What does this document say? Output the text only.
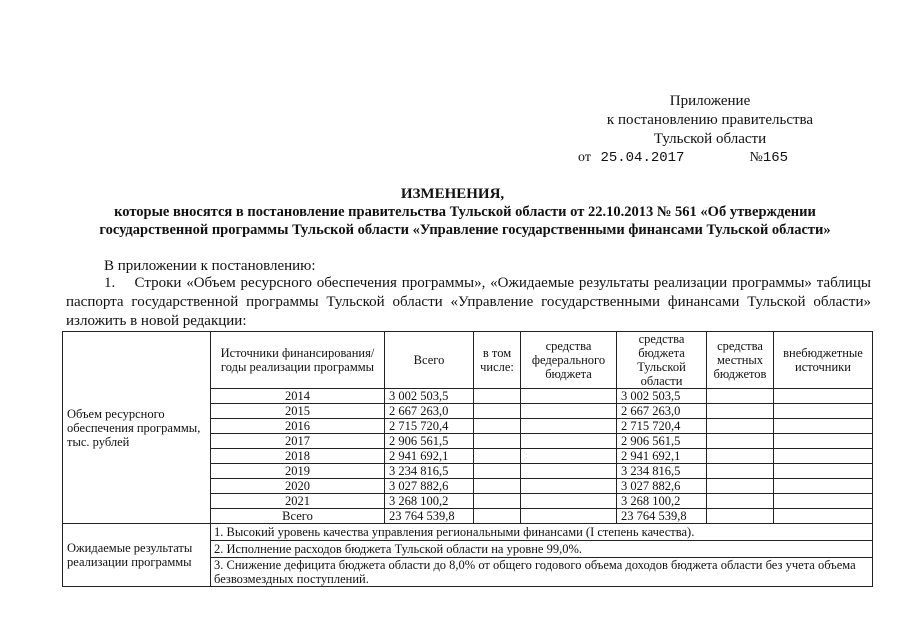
Приложение
к постановлению правительства
Тульской области
от 25.04.2017	№165
ИЗМЕНЕНИЯ,
которые вносятся в постановление правительства Тульской области от 22.10.2013 № 561 «Об утверждении государственной программы Тульской области «Управление государственными финансами Тульской области»
В приложении к постановлению:
1. Строки «Объем ресурсного обеспечения программы», «Ожидаемые результаты реализации программы» таблицы паспорта государственной программы Тульской области «Управление государственными финансами Тульской области» изложить в новой редакции:
Объем ресурсного обеспечения программы, тыс. рублей	Источники финансирования/ годы реализации программы	Всего	в том числе:	средства федерального бюджета	средства бюджета Тульской области	средства местных бюджетов	внебюджетные источники
	2014	3 002 503,5			3 002 503,5		
	2015	2 667 263,0			2 667 263,0		
	2016	2 715 720,4			2 715 720,4		
	2017	2 906 561,5			2 906 561,5		
	2018	2 941 692,1			2 941 692,1		
	2019	3 234 816,5			3 234 816,5		
	2020	3 027 882,6			3 027 882,6		
	2021	3 268 100,2			3 268 100,2		
	Всего	23 764 539,8			23 764 539,8		
Ожидаемые результаты реализации программы	1. Высокий уровень качества управления региональными финансами (I степень качества).						
	2. Исполнение расходов бюджета Тульской области на уровне 99,0%.						
	3. Снижение дефицита бюджета области до 8,0% от общего годового объема доходов бюджета области без учета объема безвозмездных поступлений.						
